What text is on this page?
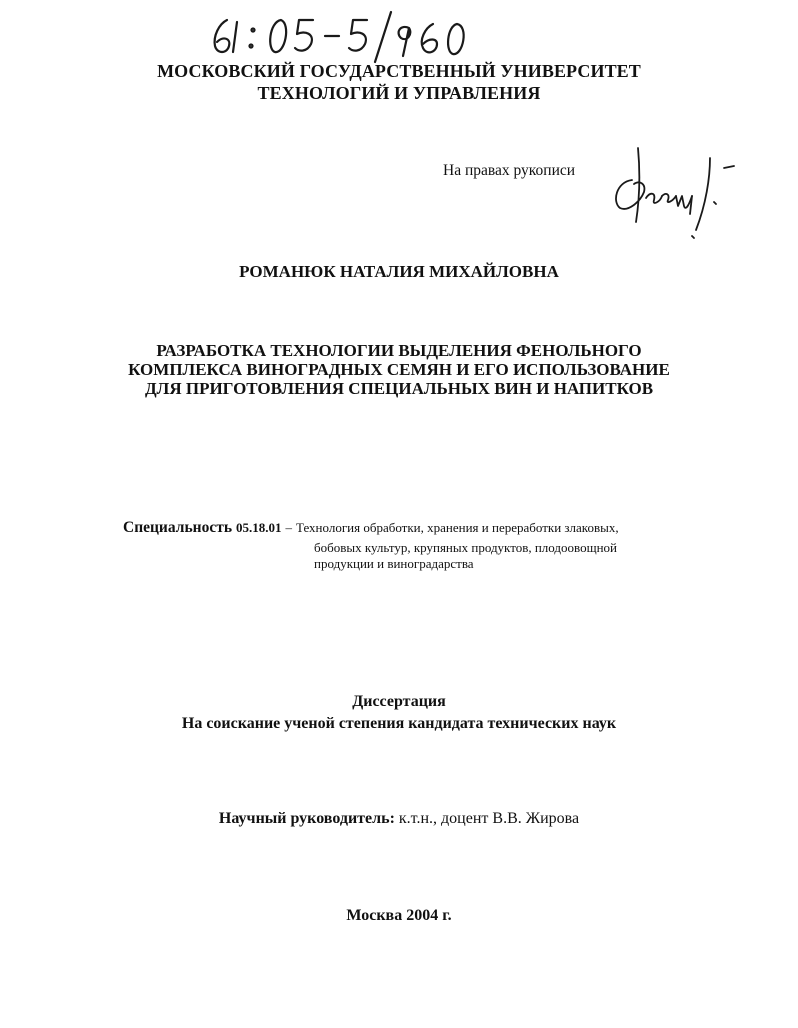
МОСКОВСКИЙ ГОСУДАРСТВЕННЫЙ УНИВЕРСИТЕТ
ТЕХНОЛОГИЙ И УПРАВЛЕНИЯ
На правах рукописи
РОМАНЮК НАТАЛИЯ МИХАЙЛОВНА
РАЗРАБОТКА ТЕХНОЛОГИИ ВЫДЕЛЕНИЯ ФЕНОЛЬНОГО
КОМПЛЕКСА ВИНОГРАДНЫХ СЕМЯН И ЕГО ИСПОЛЬЗОВАНИЕ
ДЛЯ ПРИГОТОВЛЕНИЯ СПЕЦИАЛЬНЫХ ВИН И НАПИТКОВ
Специальность 05.18.01 – Технология обработки, хранения и переработки злаковых,
бобовых культур, крупяных продуктов, плодоовощной
продукции и виноградарства
Диссертация
На соискание ученой степения кандидата технических наук
Научный руководитель: к.т.н., доцент В.В. Жирова
Москва 2004 г.
